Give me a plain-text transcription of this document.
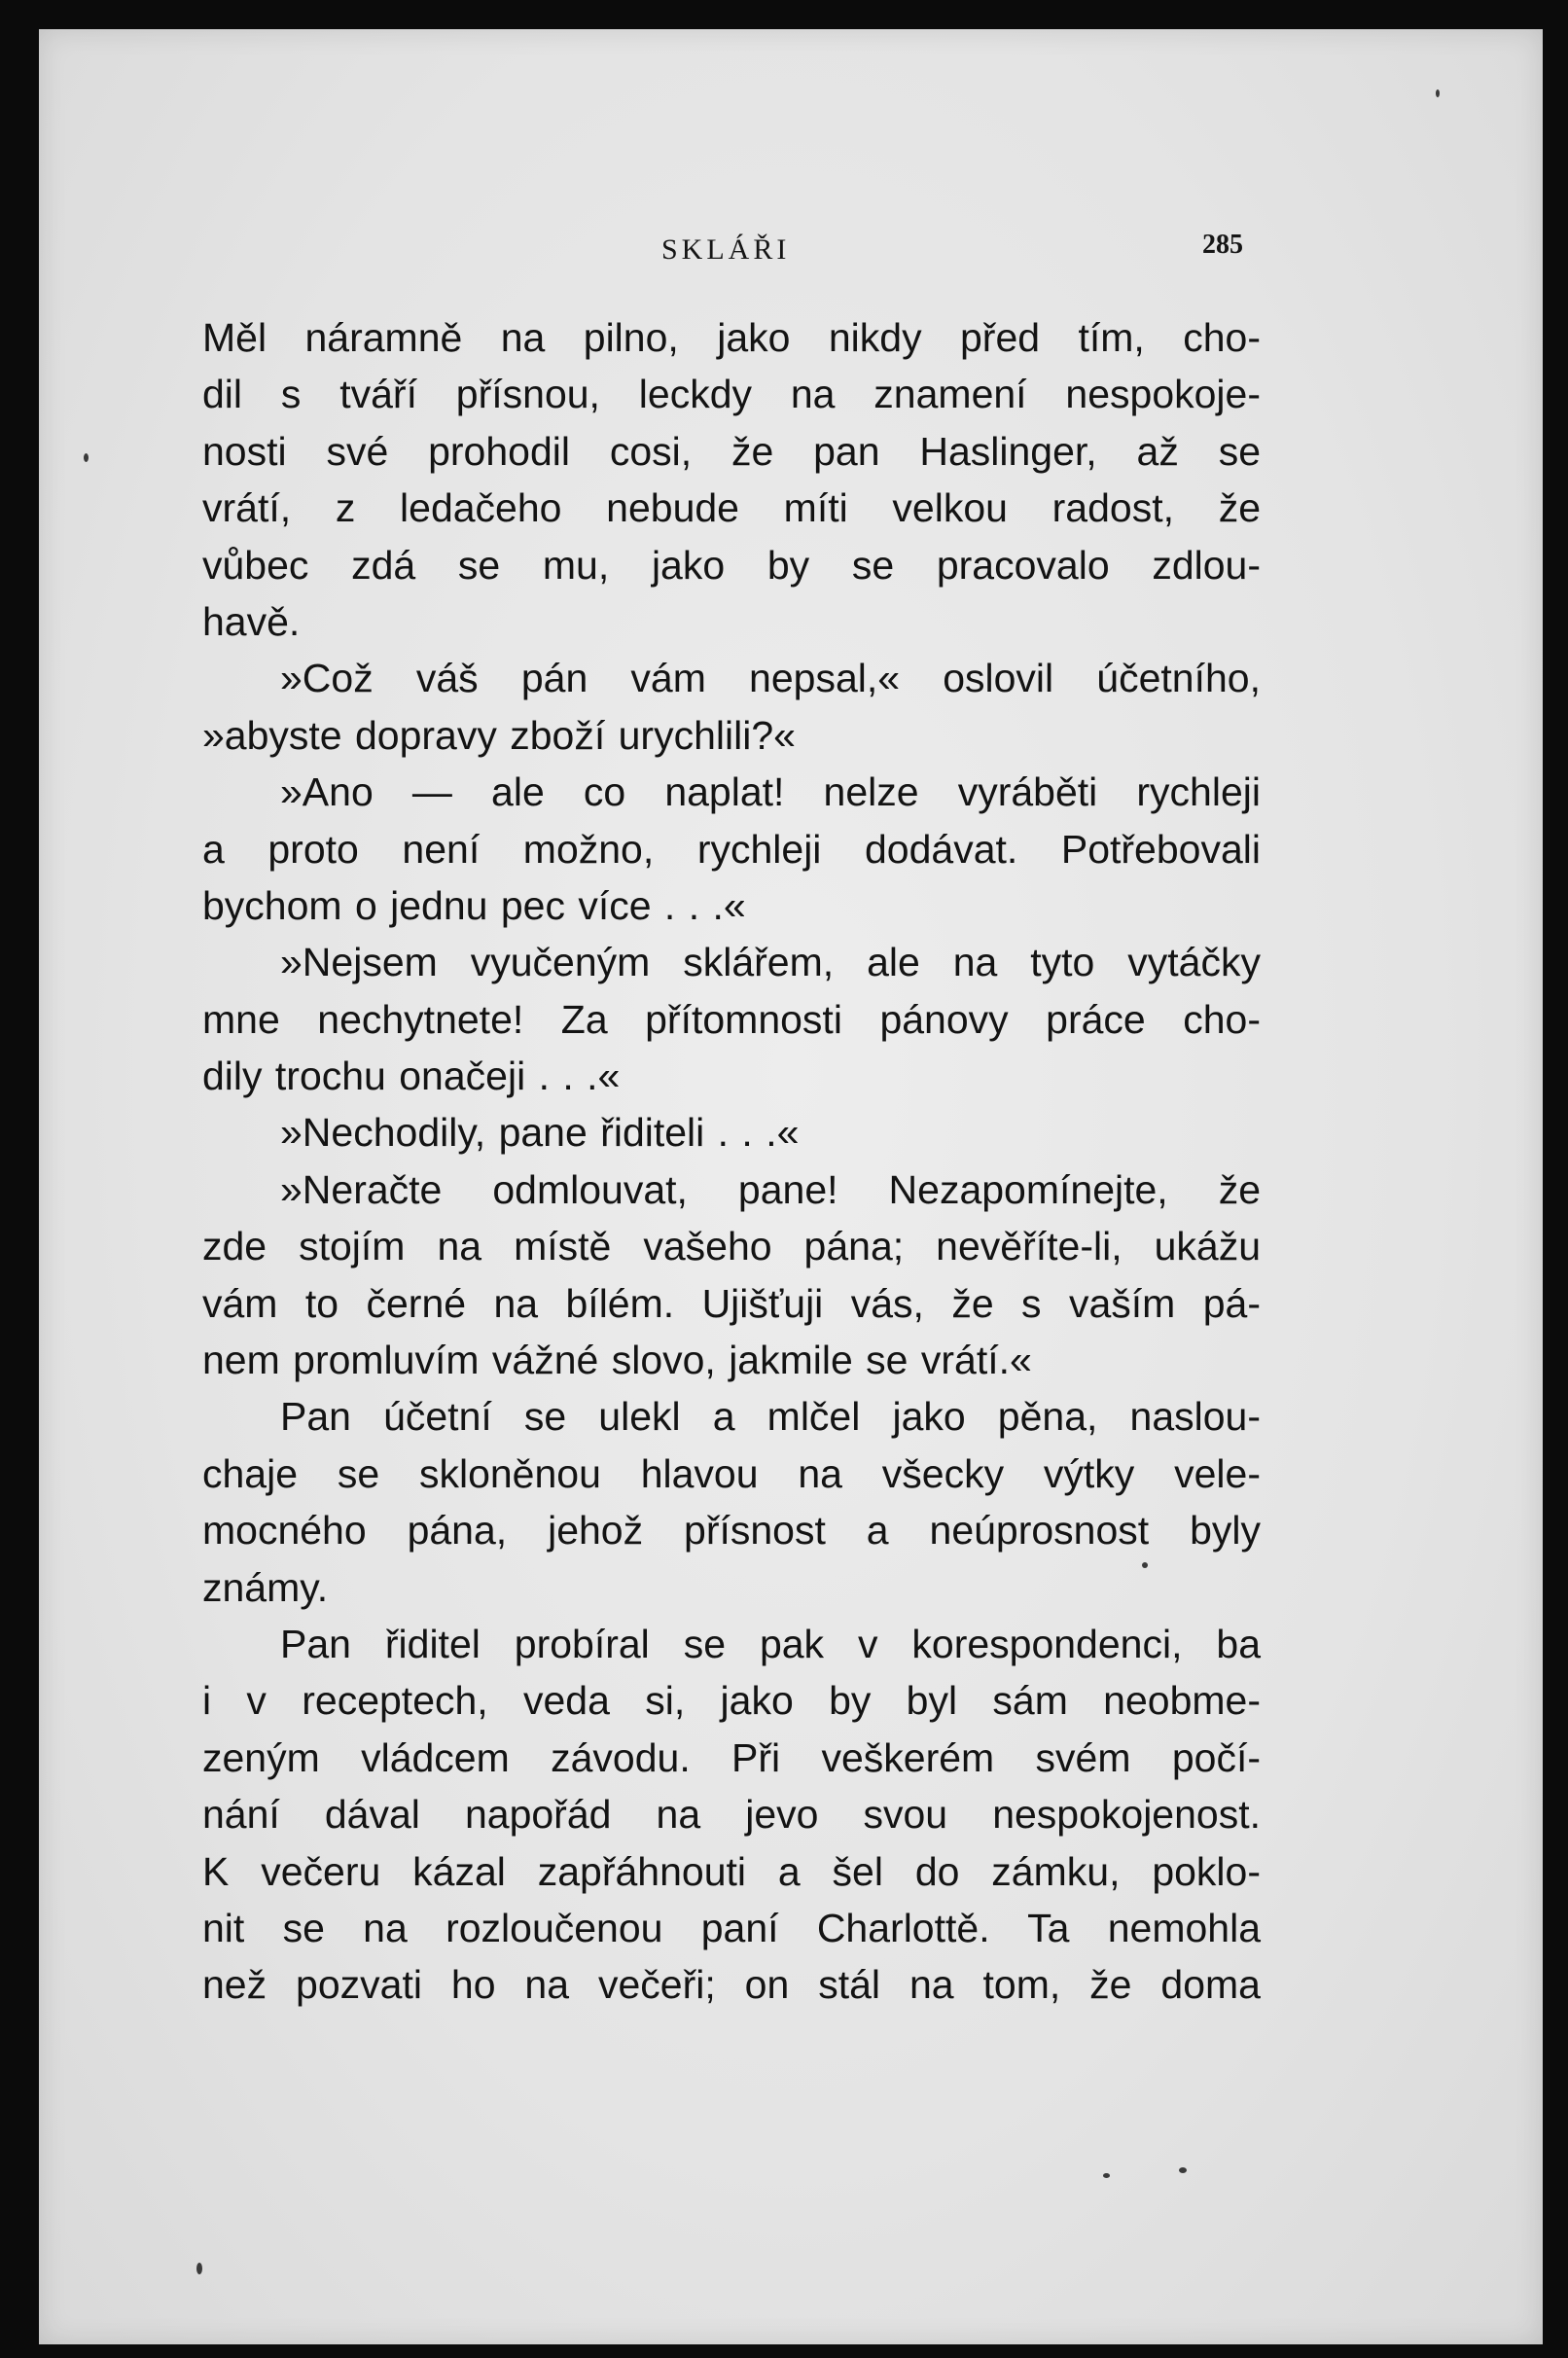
SKLÁŘI	285
Měl náramně na pilno, jako nikdy před tím, cho-
dil s tváří přísnou, leckdy na znamení nespokoje-
nosti své prohodil cosi, že pan Haslinger, až se
vrátí, z ledačeho nebude míti velkou radost, že
vůbec zdá se mu, jako by se pracovalo zdlou-
havě.
»Což váš pán vám nepsal,« oslovil účetního,
»abyste dopravy zboží urychlili?«
»Ano — ale co naplat! nelze vyráběti rychleji
a proto není možno, rychleji dodávat. Potřebovali
bychom o jednu pec více . . .«
»Nejsem vyučeným sklářem, ale na tyto vytáčky
mne nechytnete! Za přítomnosti pánovy práce cho-
dily trochu onačeji . . .«
»Nechodily, pane řiditeli . . .«
»Neračte odmlouvat, pane! Nezapomínejte, že
zde stojím na místě vašeho pána; nevěříte-li, ukážu
vám to černé na bílém. Ujišťuji vás, že s vaším pá-
nem promluvím vážné slovo, jakmile se vrátí.«
Pan účetní se ulekl a mlčel jako pěna, naslou-
chaje se skloněnou hlavou na všecky výtky vele-
mocného pána, jehož přísnost a neúprosnost byly
známy.
Pan řiditel probíral se pak v korespondenci, ba
i v receptech, veda si, jako by byl sám neobme-
zeným vládcem závodu. Při veškerém svém počí-
nání dával napořád na jevo svou nespokojenost.
K večeru kázal zapřáhnouti a šel do zámku, poklo-
nit se na rozloučenou paní Charlottě. Ta nemohla
než pozvati ho na večeři; on stál na tom, že doma
